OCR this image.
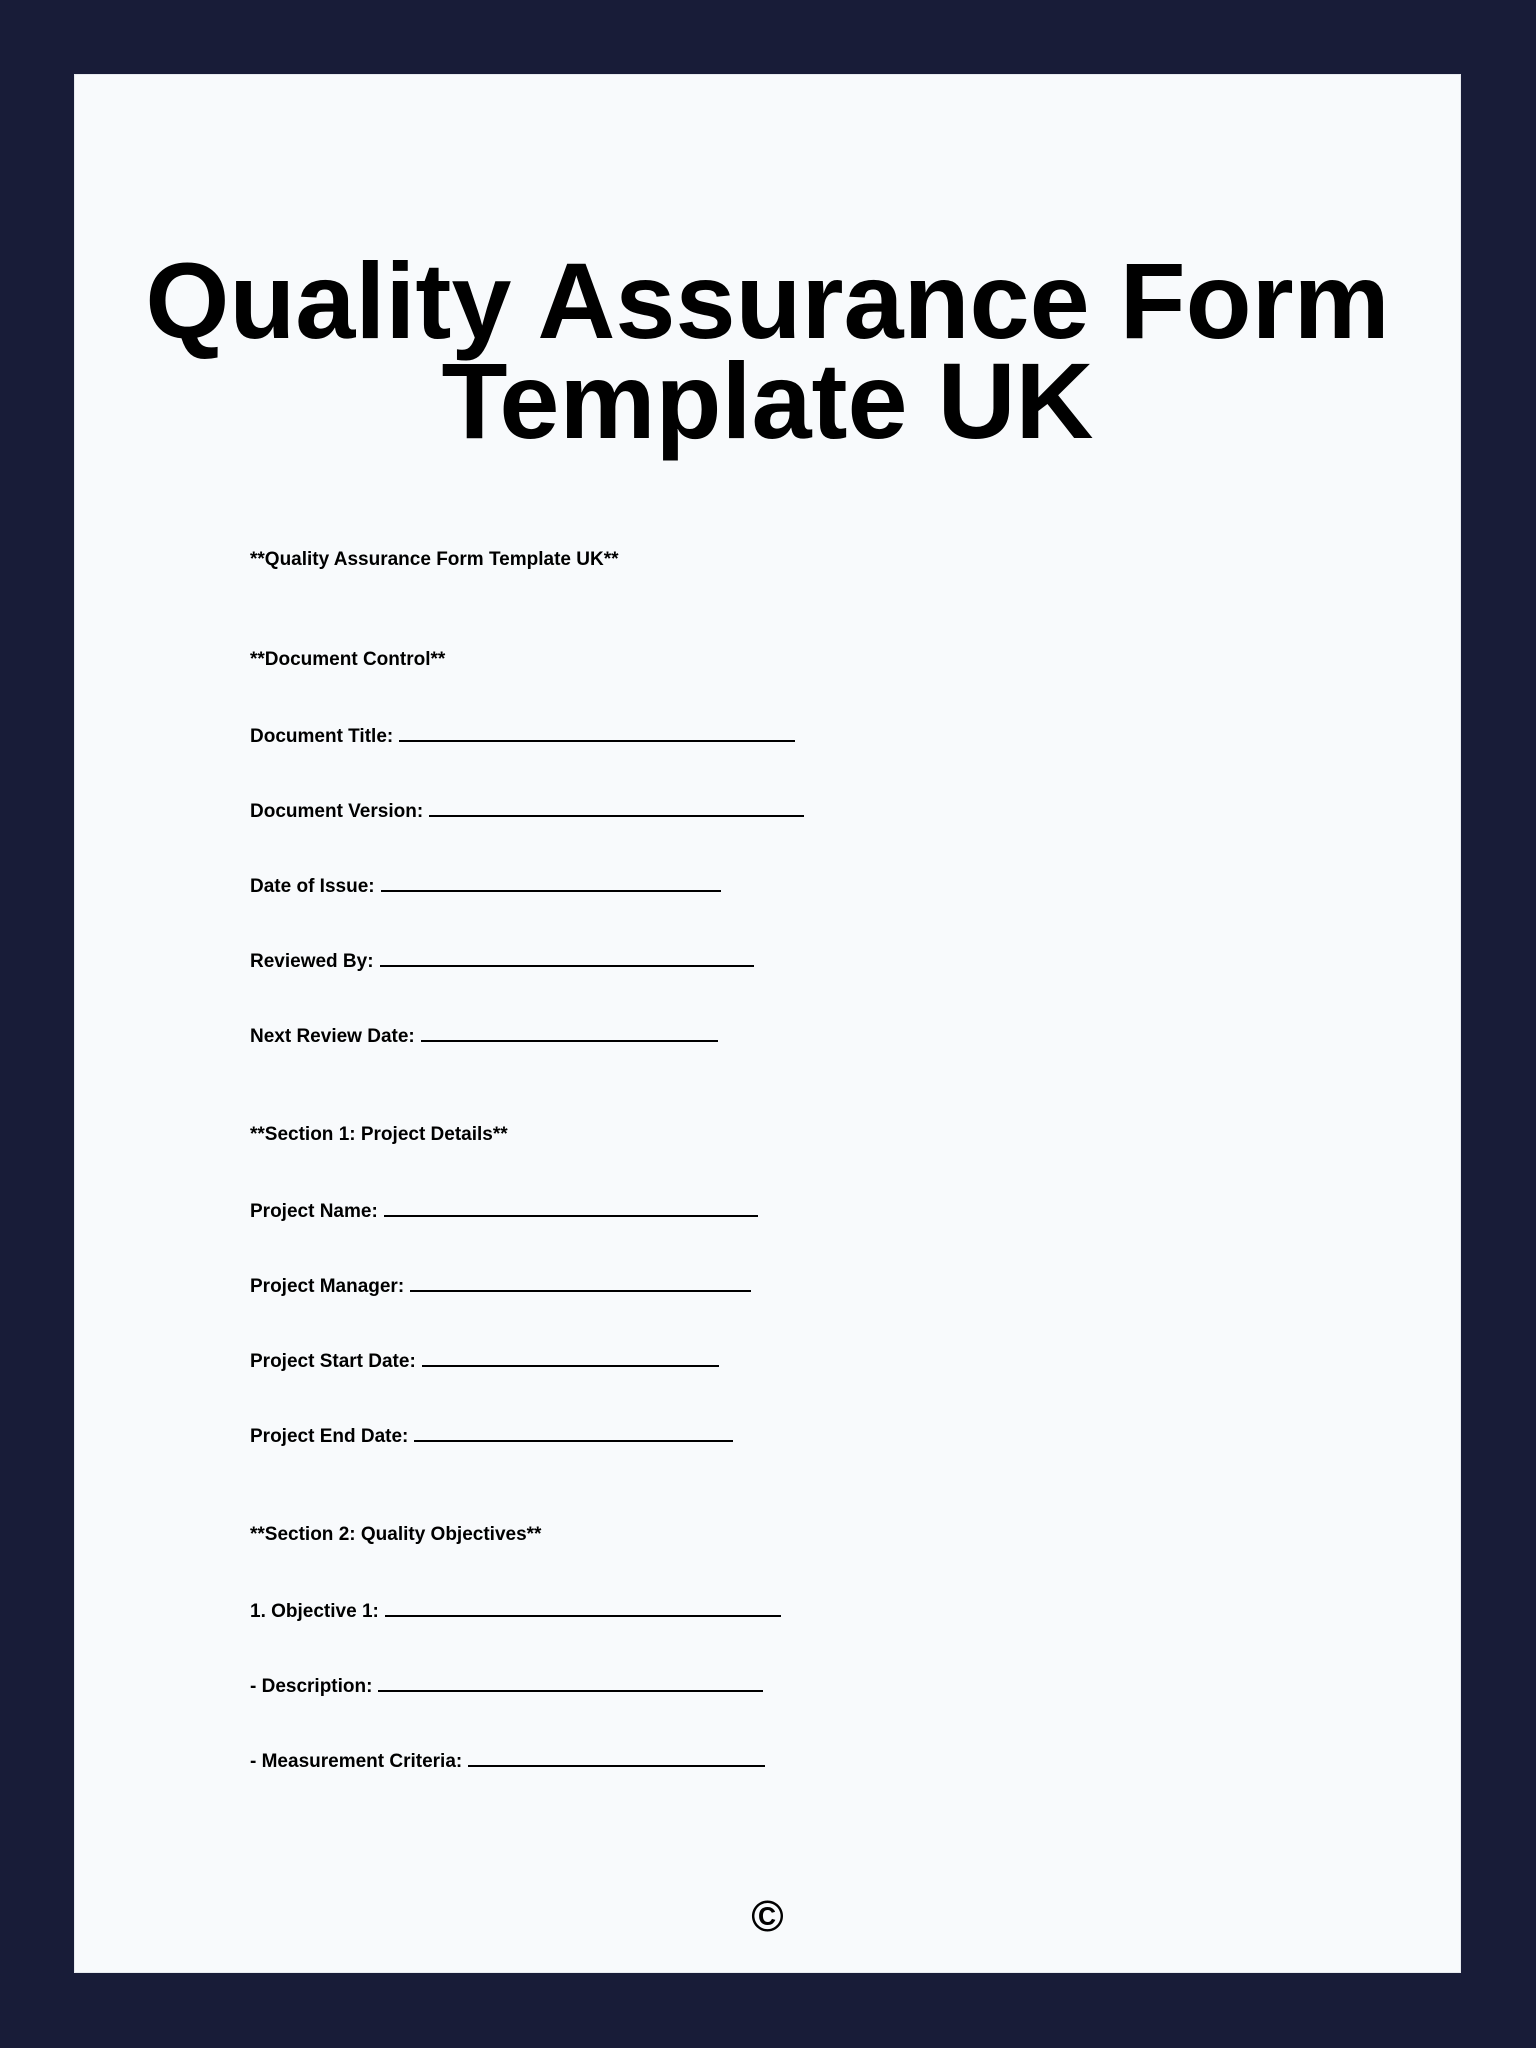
Quality Assurance Form
Template UK
**Quality Assurance Form Template UK**
**Document Control**
Document Title:
Document Version:
Date of Issue:
Reviewed By:
Next Review Date:
**Section 1: Project Details**
Project Name:
Project Manager:
Project Start Date:
Project End Date:
**Section 2: Quality Objectives**
1. Objective 1:
- Description:
- Measurement Criteria:
©
